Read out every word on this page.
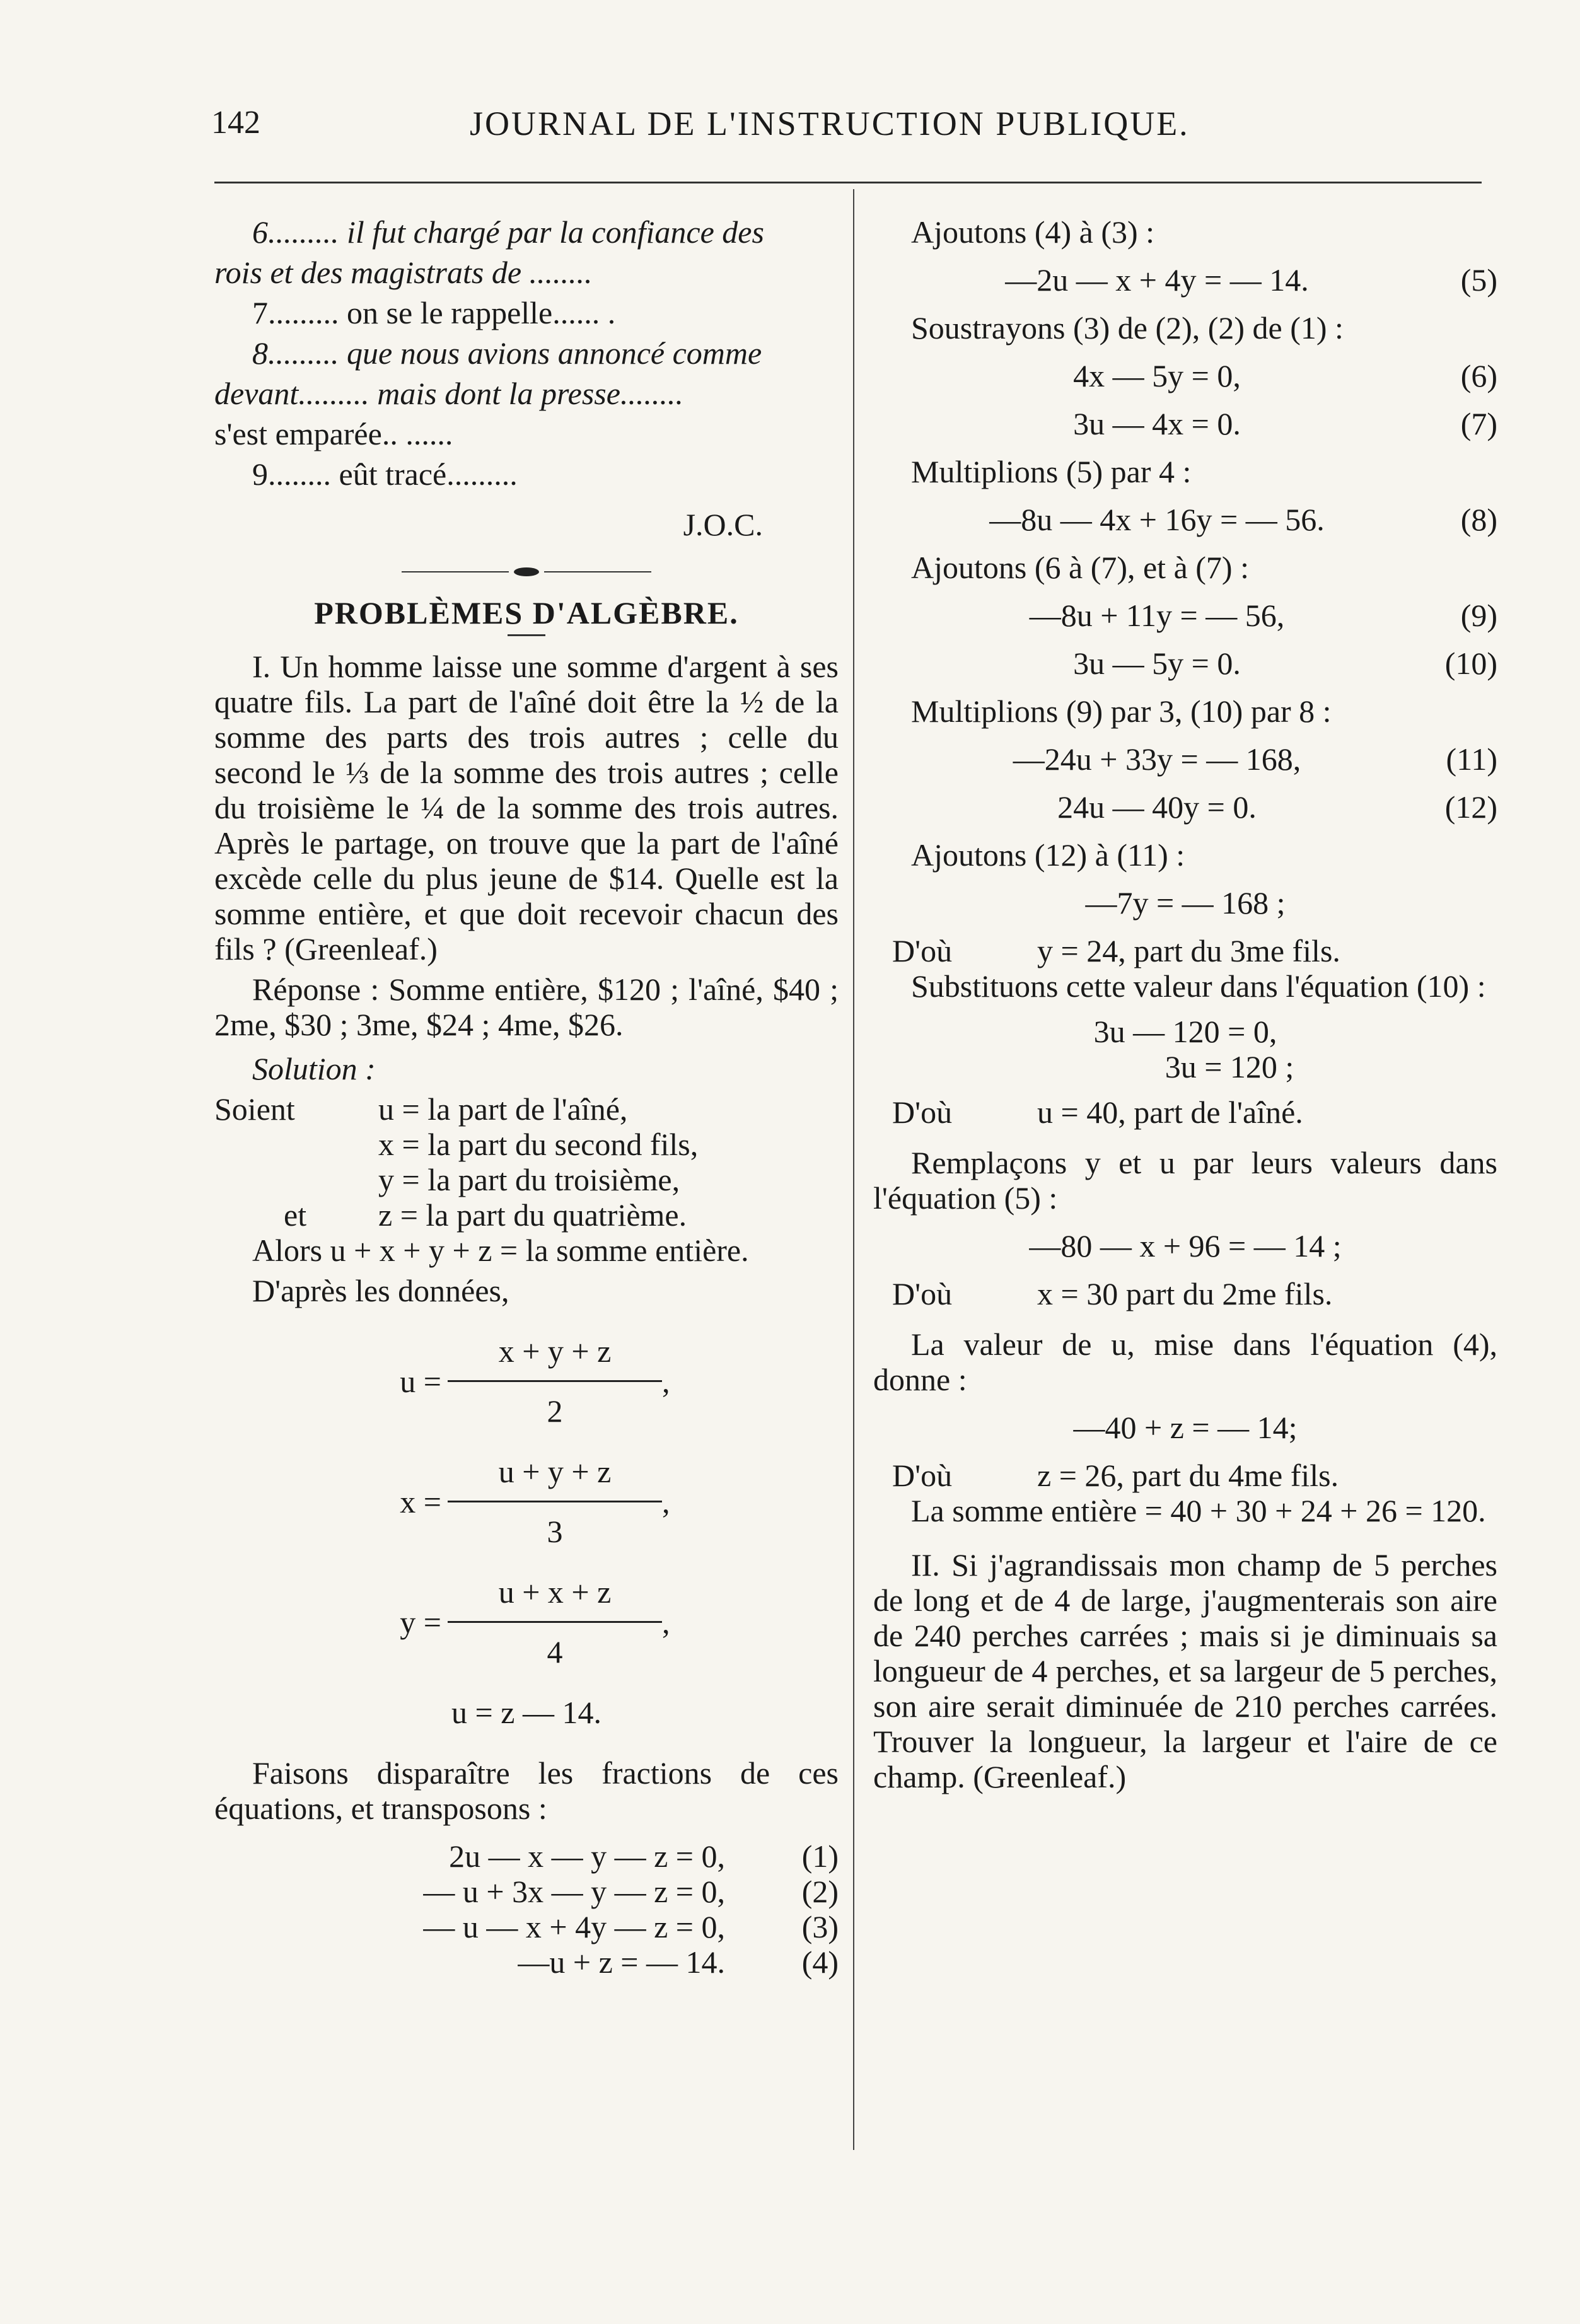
142	JOURNAL DE L'INSTRUCTION PUBLIQUE.

6......... il fut chargé par la confiance des

rois et des magistrats de ........

7......... on se le rappelle...... .

8......... que nous avions annoncé comme

devant......... mais dont la presse........

s'est emparée.. ......

9........ eût tracé.........

J.O.C.

PROBLÈMES D'ALGÈBRE.

I. Un homme laisse une somme d'argent à ses quatre fils. La part de l'aîné doit être la ½ de la somme des parts des trois autres ; celle du second le ⅓ de la somme des trois autres ; celle du troisième le ¼ de la somme des trois autres. Après le partage, on trouve que la part de l'aîné excède celle du plus jeune de $14. Quelle est la somme entière, et que doit recevoir chacun des fils ? (Greenleaf.)

Réponse : Somme entière, $120 ; l'aîné, $40 ; 2me, $30 ; 3me, $24 ; 4me, $26.

Solution :

Soient	u = la part de l'aîné,
x = la part du second fils,
y = la part du troisième,
et	z = la part du quatrième.

Alors u + x + y + z = la somme entière.

D'après les données,

$u = \frac{x + y + z}{2}$ ,
$x = \frac{u + y + z}{3}$ ,
$y = \frac{u + x + z}{4}$ ,

u = z — 14.

Faisons disparaître les fractions de ces équations, et transposons :

2u — x — y — z = 0,	(1)
— u + 3x — y — z = 0,	(2)
— u — x + 4y — z = 0,	(3)
—u + z = — 14.	(4)

Ajoutons (4) à (3) :

—2u — x + 4y = — 14.	(5)

Soustrayons (3) de (2), (2) de (1) :

4x — 5y = 0,	(6)
3u — 4x = 0.	(7)

Multiplions (5) par 4 :

—8u — 4x + 16y = — 56.	(8)

Ajoutons (6 à (7), et à (7) :

—8u + 11y = — 56,	(9)
3u — 5y = 0.	(10)

Multiplions (9) par 3, (10) par 8 :

—24u + 33y = — 168,	(11)
24u — 40y = 0.	(12)

Ajoutons (12) à (11) :

—7y = — 168 ;

D'où	y = 24, part du 3me fils.

Substituons cette valeur dans l'équation (10) :

3u — 120 = 0,

3u = 120 ;

D'où	u = 40, part de l'aîné.

Remplaçons y et u par leurs valeurs dans l'équation (5) :

—80 — x + 96 = — 14 ;

D'où	x = 30 part du 2me fils.

La valeur de u, mise dans l'équation (4), donne :

—40 + z = — 14;

D'où	z = 26, part du 4me fils.

La somme entière = 40 + 30 + 24 + 26 = 120.

II. Si j'agrandissais mon champ de 5 perches de long et de 4 de large, j'augmenterais son aire de 240 perches carrées ; mais si je diminuais sa longueur de 4 perches, et sa largeur de 5 perches, son aire serait diminuée de 210 perches carrées. Trouver la longueur, la largeur et l'aire de ce champ. (Greenleaf.)
